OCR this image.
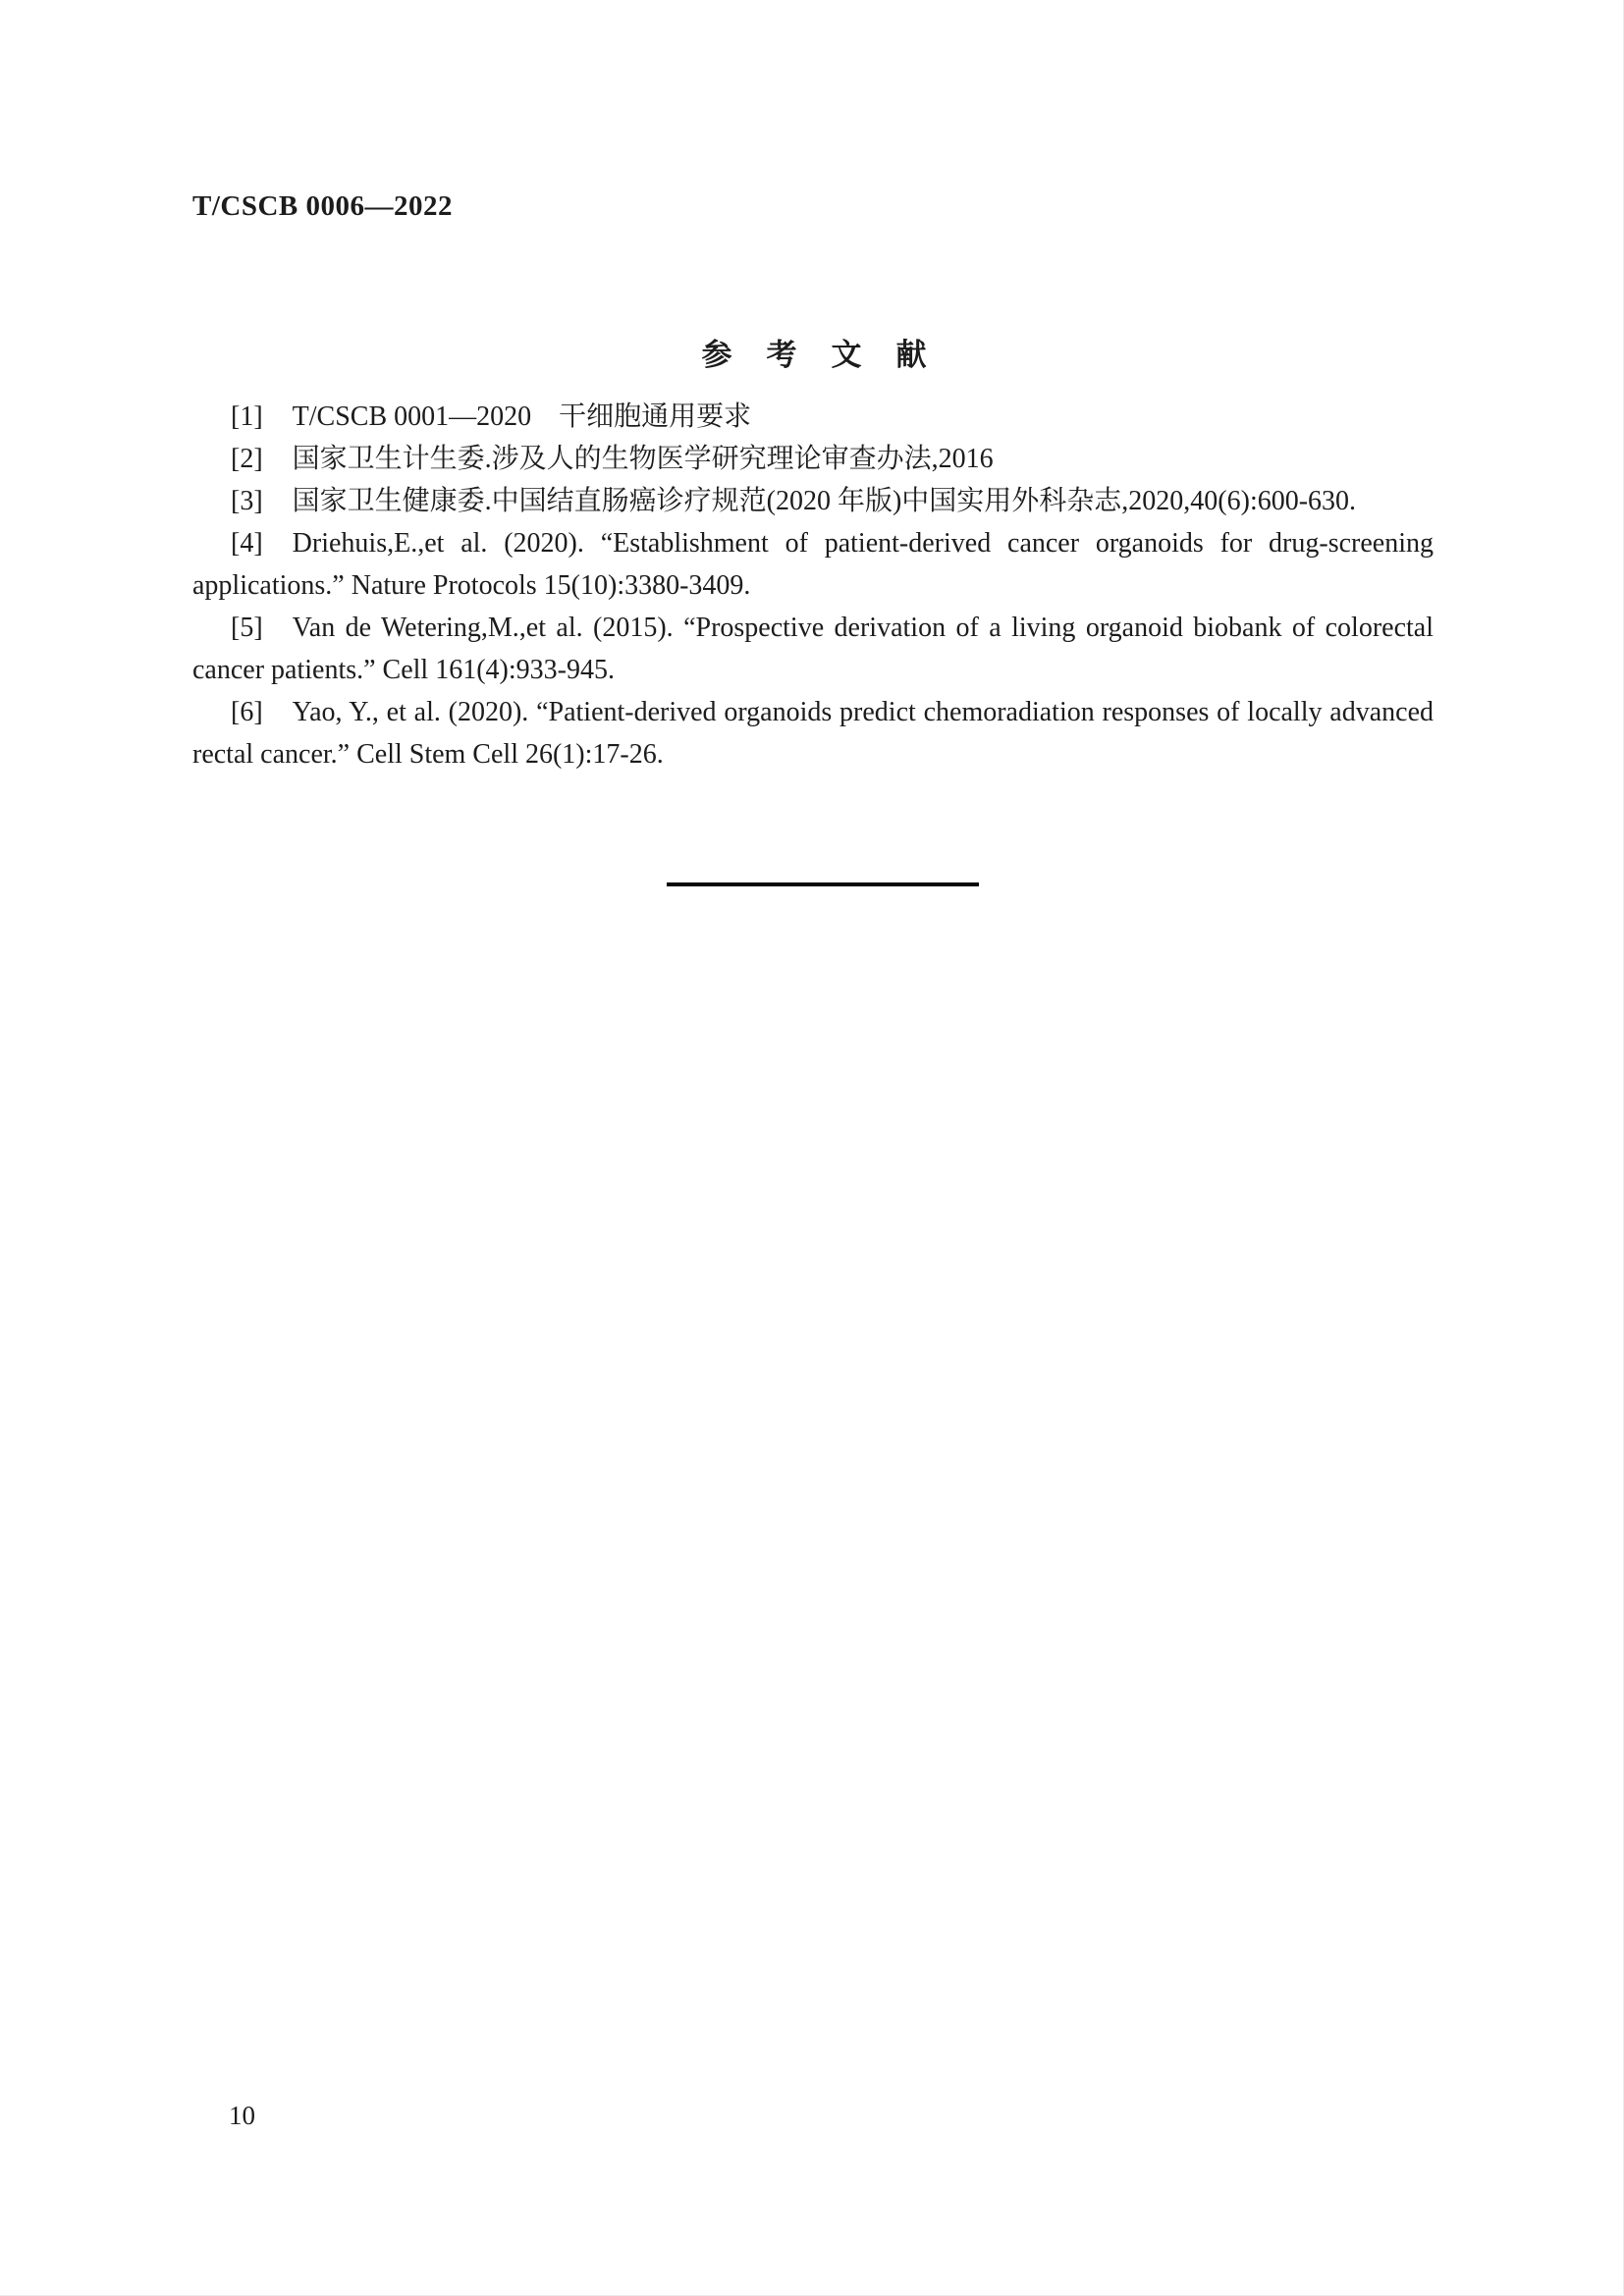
T/CSCB 0006—2022
参　考　文　献

[1] T/CSCB 0001—2020　干细胞通用要求

[2] 国家卫生计生委.涉及人的生物医学研究理论审查办法,2016

[3] 国家卫生健康委.中国结直肠癌诊疗规范(2020 年版)中国实用外科杂志,2020,40(6):600-630.

[4] Driehuis,E.,et al. (2020). “Establishment of patient-derived cancer organoids for drug-screening applications.” Nature Protocols 15(10):3380-3409.

[5] Van de Wetering,M.,et al. (2015). “Prospective derivation of a living organoid biobank of colorectal cancer patients.” Cell 161(4):933-945.

[6] Yao, Y., et al. (2020). “Patient-derived organoids predict chemoradiation responses of locally advanced rectal cancer.” Cell Stem Cell 26(1):17-26.

10
